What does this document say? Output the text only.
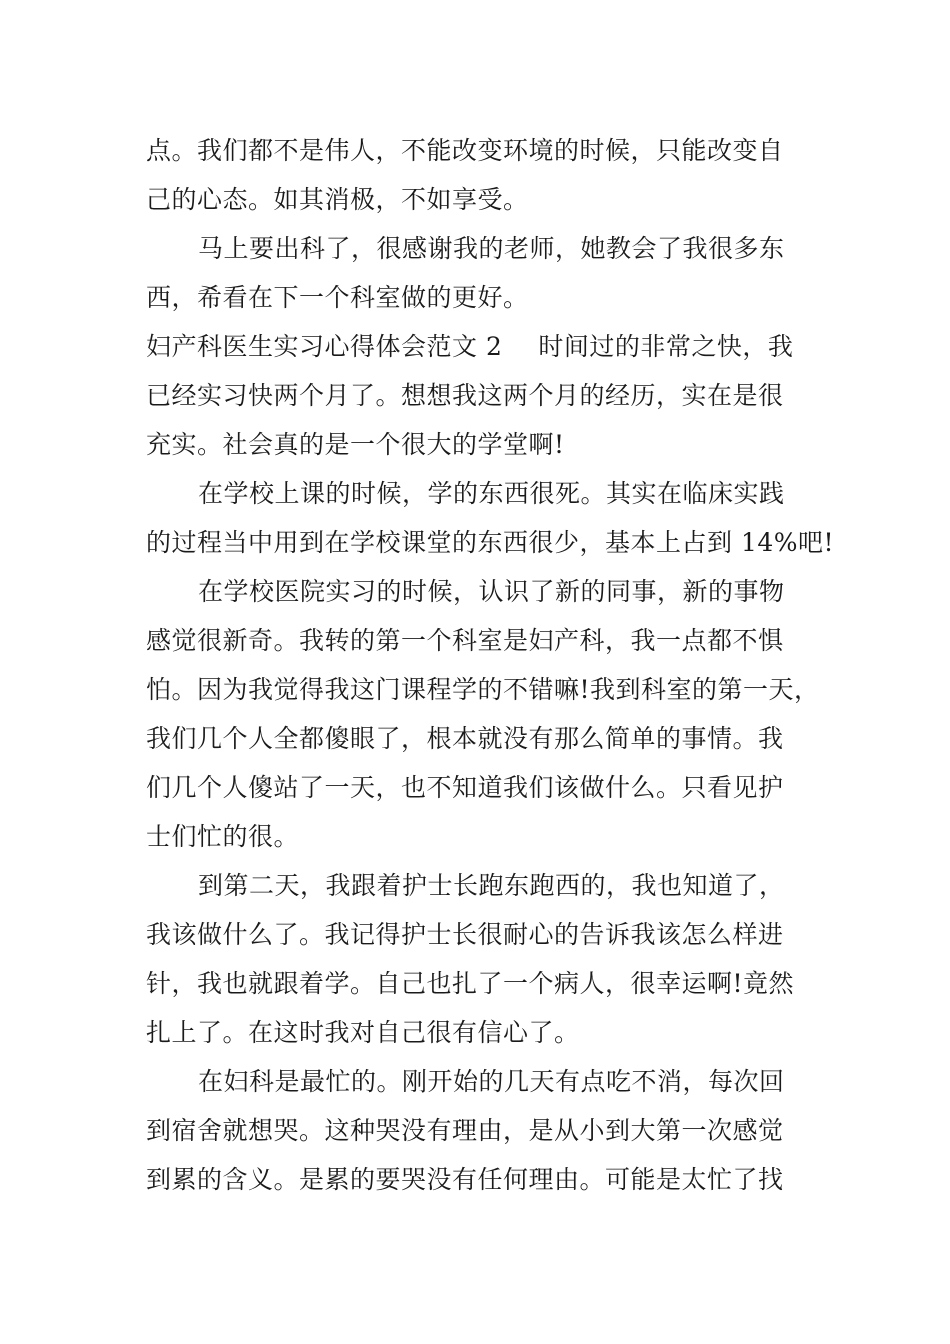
点。我们都不是伟人，不能改变环境的时候，只能改变自
己的心态。如其消极，不如享受。
马上要出科了，很感谢我的老师，她教会了我很多东
西，希看在下一个科室做的更好。
妇产科医生实习心得体会范文 2 时间过的非常之快，我
已经实习快两个月了。想想我这两个月的经历，实在是很
充实。社会真的是一个很大的学堂啊!
在学校上课的时候，学的东西很死。其实在临床实践
的过程当中用到在学校课堂的东西很少，基本上占到 14%吧!
在学校医院实习的时候，认识了新的同事，新的事物
感觉很新奇。我转的第一个科室是妇产科，我一点都不惧
怕。因为我觉得我这门课程学的不错嘛!我到科室的第一天，
我们几个人全都傻眼了，根本就没有那么简单的事情。我
们几个人傻站了一天，也不知道我们该做什么。只看见护
士们忙的很。
到第二天，我跟着护士长跑东跑西的，我也知道了，
我该做什么了。我记得护士长很耐心的告诉我该怎么样进
针，我也就跟着学。自己也扎了一个病人，很幸运啊!竟然
扎上了。在这时我对自己很有信心了。
在妇科是最忙的。刚开始的几天有点吃不消，每次回
到宿舍就想哭。这种哭没有理由，是从小到大第一次感觉
到累的含义。是累的要哭没有任何理由。可能是太忙了找
